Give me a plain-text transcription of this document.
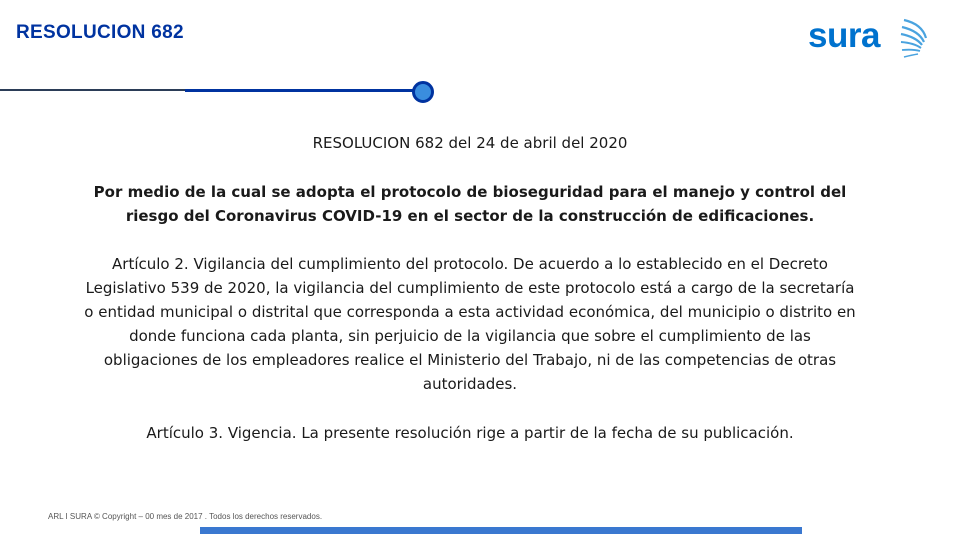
RESOLUCION 682	sura
RESOLUCION 682 del 24 de abril del 2020
Por medio de la cual se adopta el protocolo de bioseguridad para el manejo y control del riesgo del Coronavirus COVID-19 en el sector de la construcción de edificaciones.
Artículo 2. Vigilancia del cumplimiento del protocolo. De acuerdo a lo establecido en el Decreto Legislativo 539 de 2020, la vigilancia del cumplimiento de este protocolo está a cargo de la secretaría o entidad municipal o distrital que corresponda a esta actividad económica, del municipio o distrito en donde funciona cada planta, sin perjuicio de la vigilancia que sobre el cumplimiento de las obligaciones de los empleadores realice el Ministerio del Trabajo, ni de las competencias de otras autoridades.
Artículo 3. Vigencia. La presente resolución rige a partir de la fecha de su publicación.
ARL I SURA © Copyright – 00 mes de 2017 . Todos los derechos reservados.
